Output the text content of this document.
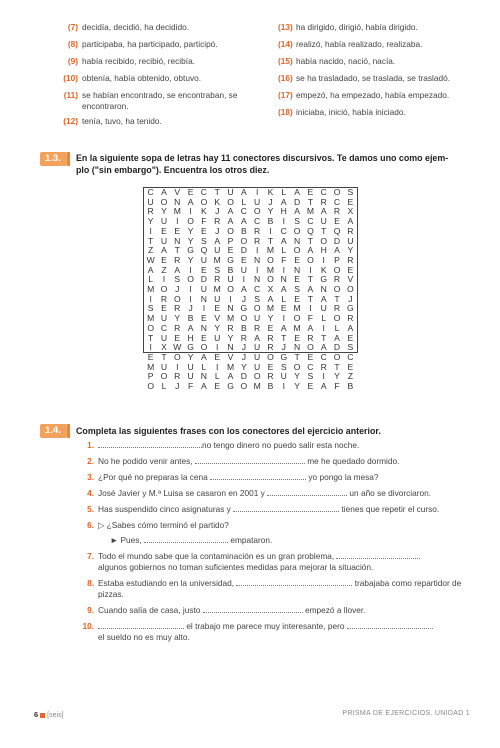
(7) decidía, decidió, ha decidido.
(8) participaba, ha participado, participó.
(9) había recibido, recibió, recibía.
(10) obtenía, había obtenido, obtuvo.
(11) se habían encontrado, se encontraban, se
encontraron.
(12) tenía, tuvo, ha tenido.
(13) ha dirigido, dirigió, había dirigido.
(14) realizó, había realizado, realizaba.
(15) había nacido, nació, nacía.
(16) se ha trasladado, se traslada, se trasladó.
(17) empezó, ha empezado, había empezado.
(18) iniciaba, inició, había iniciado.
1.3.	En la siguiente sopa de letras hay 11 conectores discursivos. Te damos uno como ejem-
plo ("sin embargo"). Encuentra los otros diez.
C A V E C T U A	I	K L A E C O S
U O N A O K O L U J A D T R C E
R Y M I	K J A C O Y H A M A R X
Y U	I	O F R A A C B	I	S C U E A
I	E E Y E J O B R	I	C O Q T Q R
T U N Y S A P O R T A N T O D U
Z A T G Q U E D	I M L O A H A Y
W E R Y U M G E N O F E O	I	P R
A Z A	I	E S B U	I M I	N	I	K O E
L	I	S O D R U	I	N O N E T G R V
M O J	I	U M O A C X A S A N O O
I	R O	I	N U	I	J S A L E T A T J
S E R J	I	E N G O M E M I	U R G
M U Y B E V M O U Y	I	O F L O R
O C R A N Y R B R E A M A	I	L A
T U E H E U Y R A R T E R T A E
I	X W G O	I	N J U R J N O A D S
E T O Y A E V J U O G T E C O C
M U	I	U L	I M Y U E S O C R T E
P O R U N L A D O R U Y S	I	Y Z
O L	J F A E G O M B	I	Y E A F B
1.4.	Completa las siguientes frases con los conectores del ejercicio anterior.
1.	no tengo dinero no puedo salir esta noche.
2. No he podido venir antes,	me he quedado dormido.
3. ¿Por qué no preparas la cena	yo pongo la mesa?
4. José Javier y M.ª Luisa se casaron en 2001 y	un año se divorciaron.
5. Has suspendido cinco asignaturas y	tienes que repetir el curso.
6. ▷ ¿Sabes cómo terminó el partido?
► Pues,	empataron.
7. Todo el mundo sabe que la contaminación es un gran problema,
algunos gobiernos no toman suficientes medidas para mejorar la situación.
8. Estaba estudiando en la universidad,	trabajaba como repartidor de
pizzas.
9. Cuando salía de casa, justo	empezó a llover.
10.	el trabajo me parece muy interesante, pero
el sueldo no es muy alto.
6 [seis]	PRISMA DE EJERCICIOS. UNIDAD 1
